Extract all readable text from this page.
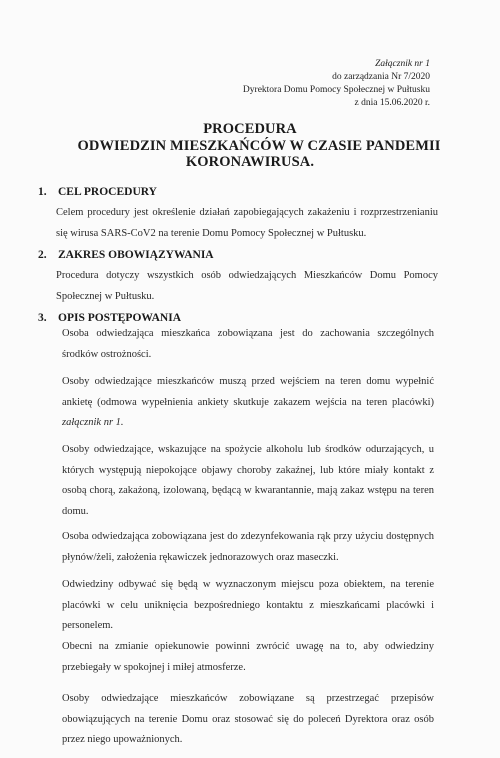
Załącznik nr 1
do zarządzania Nr 7/2020
Dyrektora Domu Pomocy Społecznej w Pułtusku
z dnia 15.06.2020 r.
PROCEDURA
ODWIEDZIN MIESZKAŃCÓW W CZASIE PANDEMII
KORONAWIRUSA.
1. CEL PROCEDURY
Celem procedury jest określenie działań zapobiegających zakażeniu i rozprzestrzenianiu się wirusa SARS-CoV2 na terenie Domu Pomocy Społecznej w Pułtusku.
2. ZAKRES OBOWIĄZYWANIA
Procedura dotyczy wszystkich osób odwiedzających Mieszkańców Domu Pomocy Społecznej w Pułtusku.
3. OPIS POSTĘPOWANIA
Osoba odwiedzająca mieszkańca zobowiązana jest do zachowania szczególnych środków ostrożności.
Osoby odwiedzające mieszkańców muszą przed wejściem na teren domu wypełnić ankietę (odmowa wypełnienia ankiety skutkuje zakazem wejścia na teren placówki) załącznik nr 1.
Osoby odwiedzające, wskazujące na spożycie alkoholu lub środków odurzających, u których występują niepokojące objawy choroby zakaźnej, lub które miały kontakt z osobą chorą, zakażoną, izolowaną, będącą w kwarantannie, mają zakaz wstępu na teren domu.
Osoba odwiedzająca zobowiązana jest do zdezynfekowania rąk przy użyciu dostępnych płynów/żeli, założenia rękawiczek jednorazowych oraz maseczki.
Odwiedziny odbywać się będą w wyznaczonym miejscu poza obiektem, na terenie placówki w celu uniknięcia bezpośredniego kontaktu z mieszkańcami placówki i personelem.
Obecni na zmianie opiekunowie powinni zwrócić uwagę na to, aby odwiedziny przebiegały w spokojnej i miłej atmosferze.
Osoby odwiedzające mieszkańców zobowiązane są przestrzegać przepisów obowiązujących na terenie Domu oraz stosować się do poleceń Dyrektora oraz osób przez niego upoważnionych.
